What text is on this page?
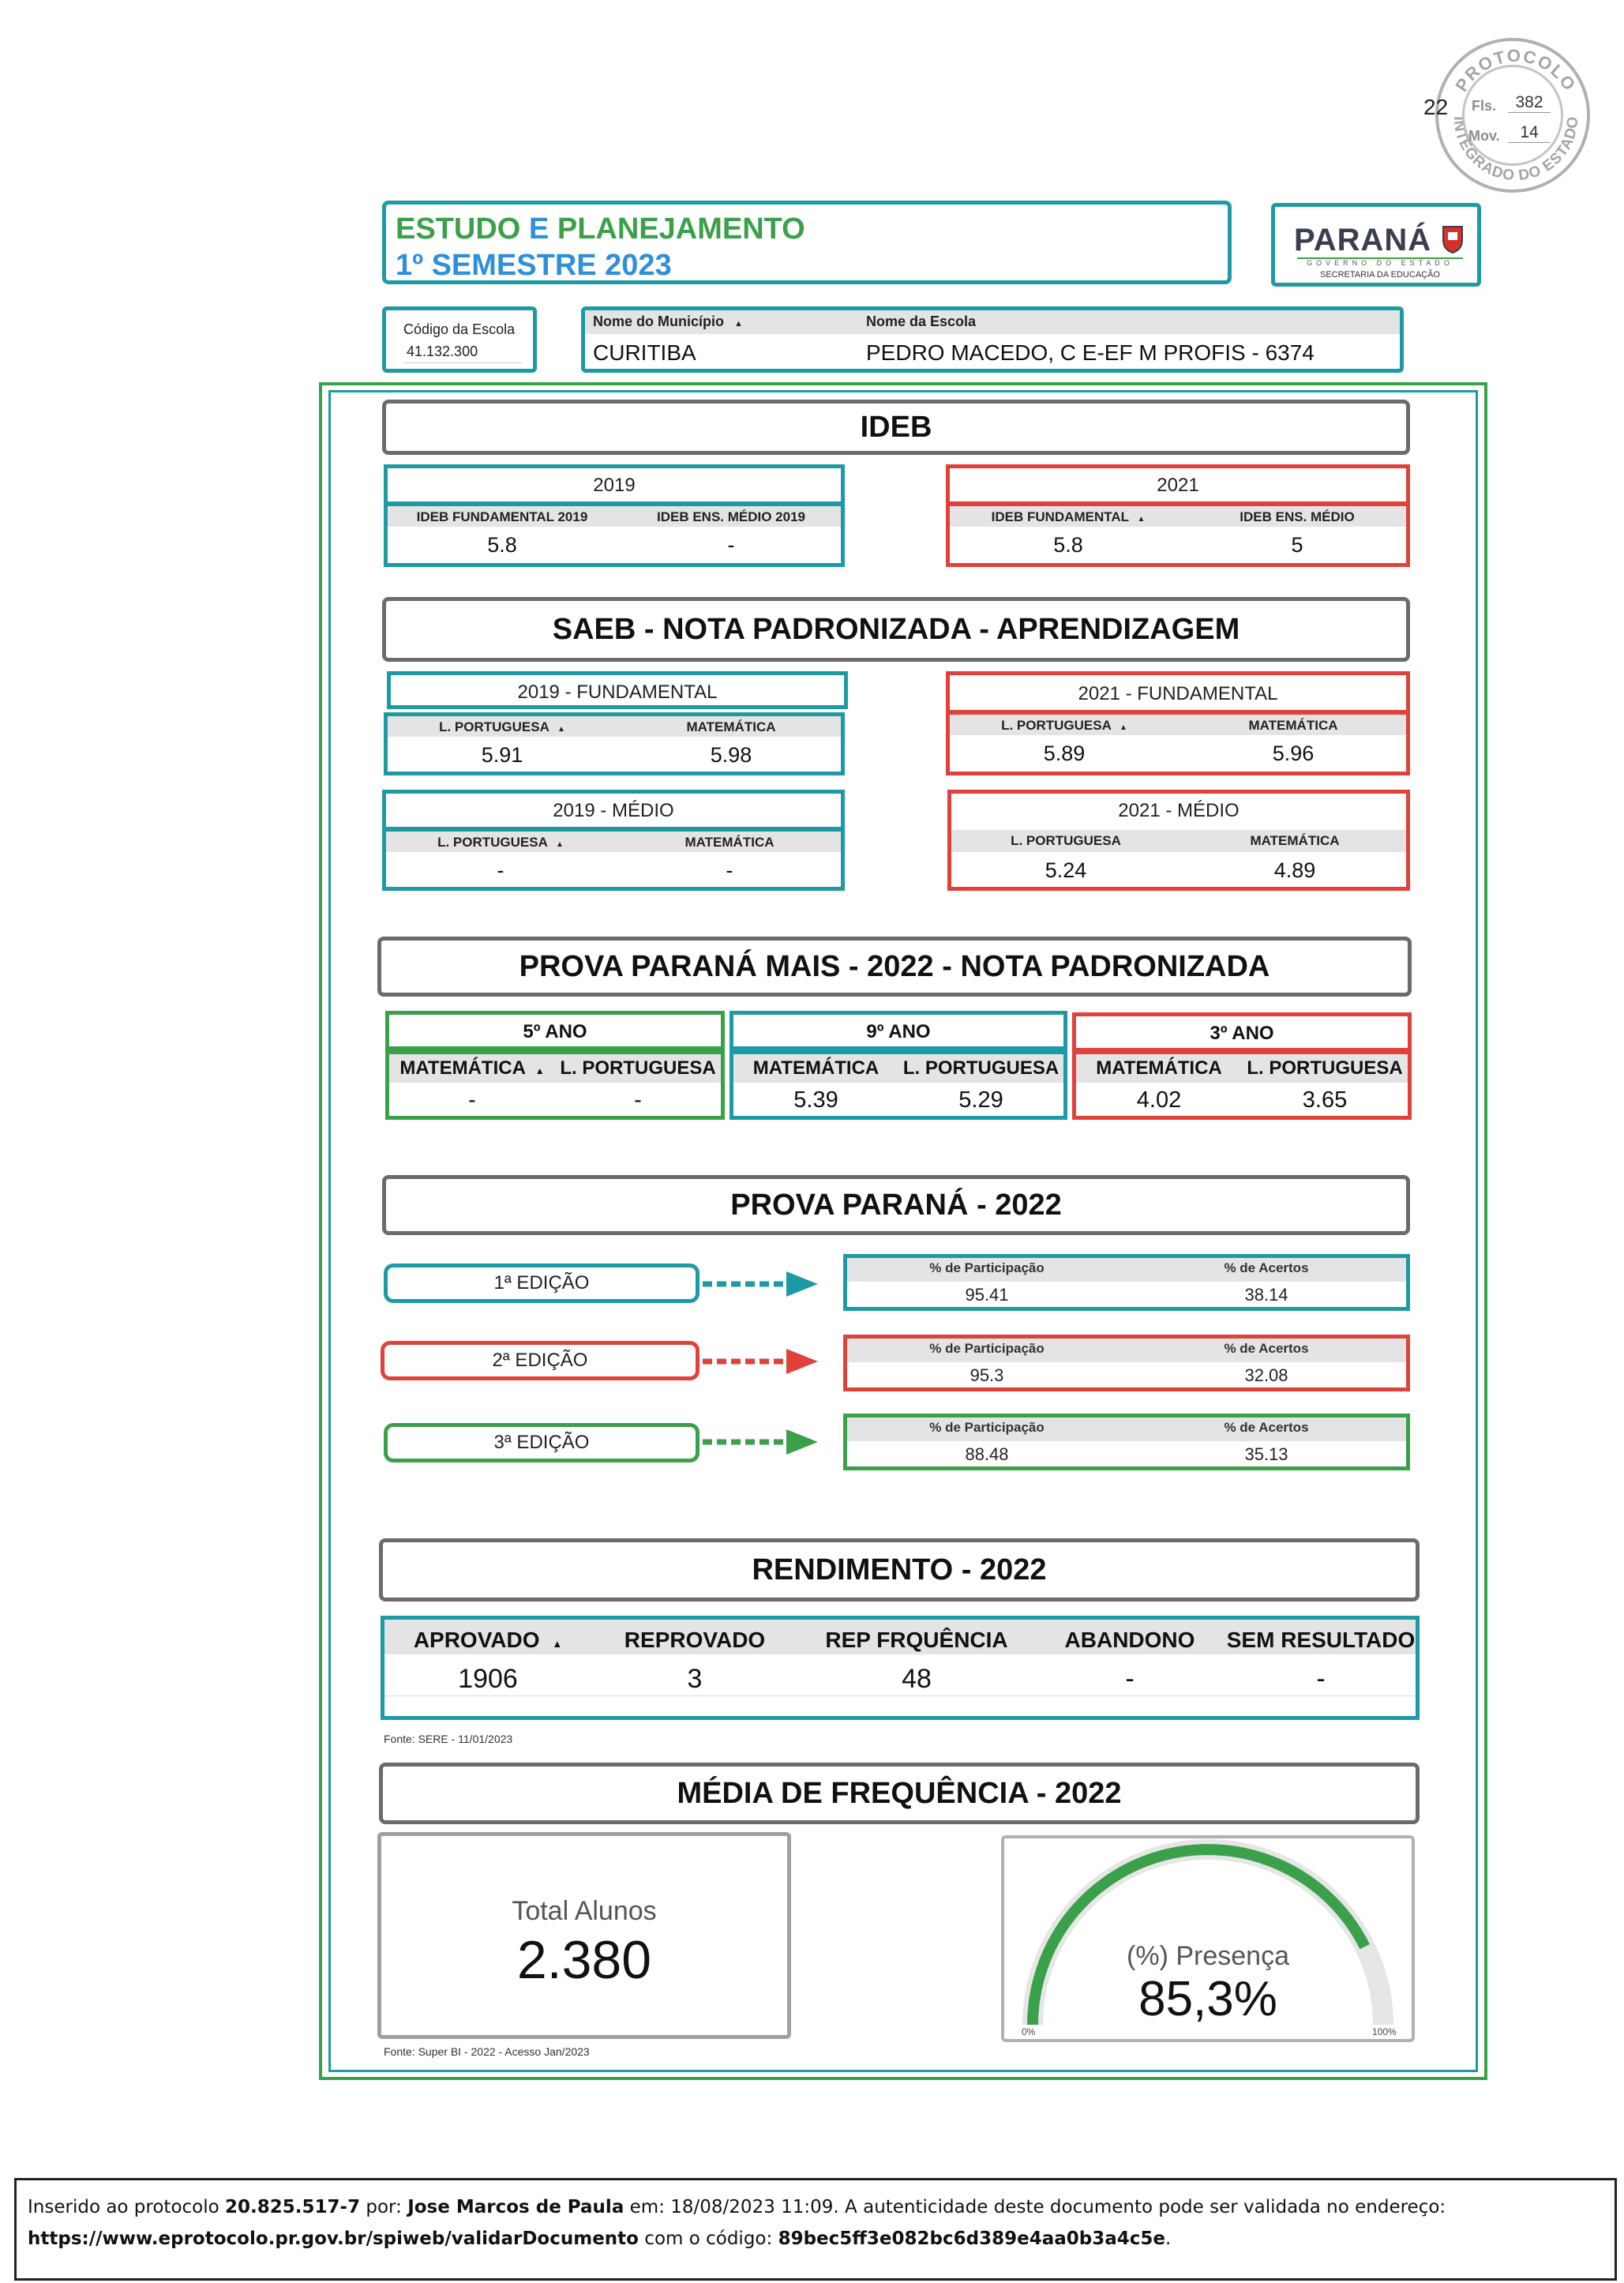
PROTOCOLO
INTEGRADO DO ESTADO
Fls.	382
Mov.	14
22
ESTUDO E PLANEJAMENTO
1º SEMESTRE 2023
PARANÁ
GOVERNO DO ESTADO
SECRETARIA DA EDUCAÇÃO
Código da Escola
41.132.300
Nome do Município ▲	Nome da Escola
CURITIBA	PEDRO MACEDO, C E-EF M PROFIS - 6374
IDEB
2019
IDEB FUNDAMENTAL 2019	IDEB ENS. MÉDIO 2019
5.8	-
2021
IDEB FUNDAMENTAL ▲	IDEB ENS. MÉDIO
5.8	5
SAEB - NOTA PADRONIZADA - APRENDIZAGEM
2019 - FUNDAMENTAL
L. PORTUGUESA ▲	MATEMÁTICA
5.91	5.98
2021 - FUNDAMENTAL
L. PORTUGUESA ▲	MATEMÁTICA
5.89	5.96
2019 - MÉDIO
L. PORTUGUESA ▲	MATEMÁTICA
-	-
2021 - MÉDIO
L. PORTUGUESA	MATEMÁTICA
5.24	4.89
PROVA PARANÁ MAIS - 2022 - NOTA PADRONIZADA
5º ANO
MATEMÁTICA ▲ L. PORTUGUESA
-	-
9º ANO
MATEMÁTICA	L. PORTUGUESA
5.39	5.29
3º ANO
MATEMÁTICA	L. PORTUGUESA
4.02	3.65
PROVA PARANÁ - 2022
1ª EDIÇÃO
% de Participação	% de Acertos
95.41	38.14
2ª EDIÇÃO
% de Participação	% de Acertos
95.3	32.08
3ª EDIÇÃO
% de Participação	% de Acertos
88.48	35.13
RENDIMENTO - 2022
APROVADO ▲	REPROVADO	REP FRQUÊNCIA	ABANDONO	SEM RESULTADO
1906	3	48	-	-
Fonte: SERE - 11/01/2023
MÉDIA DE FREQUÊNCIA - 2022
Total Alunos
2.380	(%) Presença
85,3%
0%	100%
Fonte: Super BI - 2022 - Acesso Jan/2023
Inserido ao protocolo 20.825.517-7 por: Jose Marcos de Paula em: 18/08/2023 11:09. A autenticidade deste documento pode ser validada no endereço:
https://www.eprotocolo.pr.gov.br/spiweb/validarDocumento com o código: 89bec5ff3e082bc6d389e4aa0b3a4c5e.
